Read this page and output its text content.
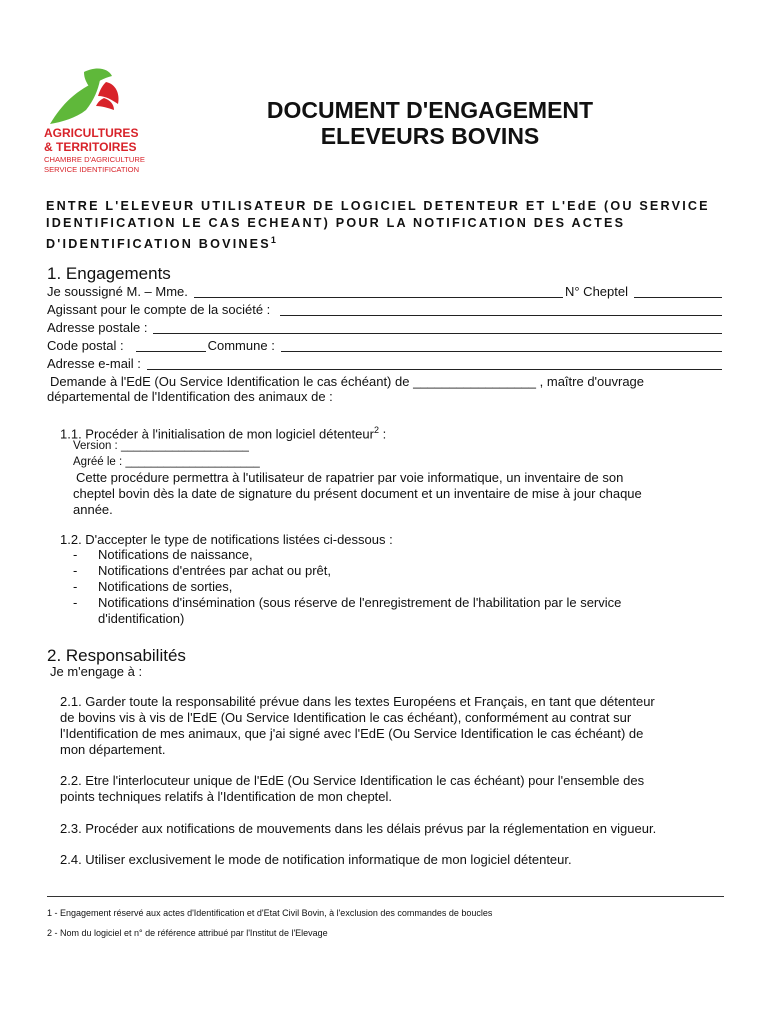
AGRICULTURES
& TERRITOIRES
CHAMBRE D'AGRICULTURE
SERVICE IDENTIFICATION
DOCUMENT D'ENGAGEMENT
ELEVEURS BOVINS
ENTRE L'ELEVEUR UTILISATEUR DE LOGICIEL DETENTEUR ET L'EdE (OU SERVICE
IDENTIFICATION LE CAS ECHEANT) POUR LA NOTIFICATION DES ACTES
D'IDENTIFICATION BOVINES$^1$
1. Engagements
Je soussigné M. – Mme.	N° Cheptel
Agissant pour le compte de la société :
Adresse postale :
Code postal :	Commune :
Adresse e-mail :
Demande à l'EdE (Ou Service Identification le cas échéant) de _________________ , maître d'ouvrage
départemental de l'Identification des animaux de :
1.1. Procéder à l'initialisation de mon logiciel détenteur$^2$ :
Version : ____________________
Agréé le : _____________________
Cette procédure permettra à l'utilisateur de rapatrier par voie informatique, un inventaire de son
cheptel bovin dès la date de signature du présent document et un inventaire de mise à jour chaque
année.
1.2. D'accepter le type de notifications listées ci-dessous :
- Notifications de naissance,
- Notifications d'entrées par achat ou prêt,
- Notifications de sorties,
- Notifications d'insémination (sous réserve de l'enregistrement de l'habilitation par le service
d'identification)
2. Responsabilités
Je m'engage à :
2.1. Garder toute la responsabilité prévue dans les textes Européens et Français, en tant que détenteur
de bovins vis à vis de l'EdE (Ou Service Identification le cas échéant), conformément au contrat sur
l'Identification de mes animaux, que j'ai signé avec l'EdE (Ou Service Identification le cas échéant) de
mon département.
2.2. Etre l'interlocuteur unique de l'EdE (Ou Service Identification le cas échéant) pour l'ensemble des
points techniques relatifs à l'Identification de mon cheptel.
2.3. Procéder aux notifications de mouvements dans les délais prévus par la réglementation en vigueur.
2.4. Utiliser exclusivement le mode de notification informatique de mon logiciel détenteur.
1 - Engagement réservé aux actes d'Identification et d'Etat Civil Bovin, à l'exclusion des commandes de boucles
2 - Nom du logiciel et n° de référence attribué par l'Institut de l'Elevage
